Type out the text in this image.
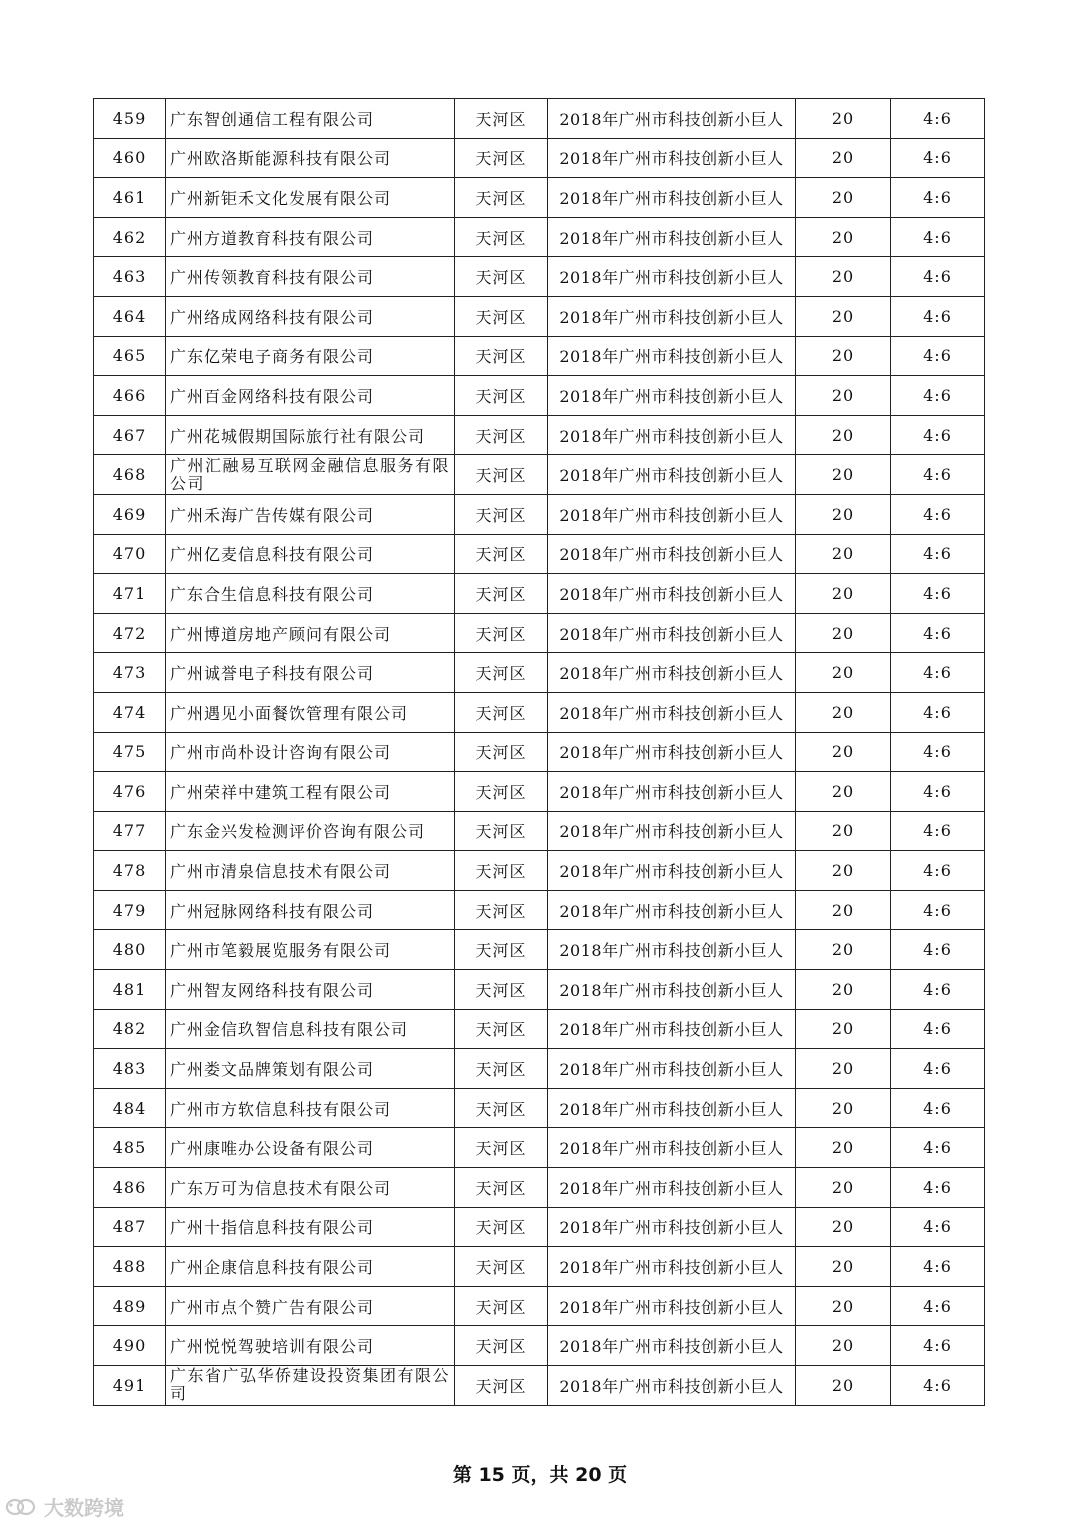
459	广东智创通信工程有限公司	天河区	2018年广州市科技创新小巨人	20	4:6
460	广州欧洛斯能源科技有限公司	天河区	2018年广州市科技创新小巨人	20	4:6
461	广州新钜禾文化发展有限公司	天河区	2018年广州市科技创新小巨人	20	4:6
462	广州方道教育科技有限公司	天河区	2018年广州市科技创新小巨人	20	4:6
463	广州传领教育科技有限公司	天河区	2018年广州市科技创新小巨人	20	4:6
464	广州络成网络科技有限公司	天河区	2018年广州市科技创新小巨人	20	4:6
465	广东亿荣电子商务有限公司	天河区	2018年广州市科技创新小巨人	20	4:6
466	广州百金网络科技有限公司	天河区	2018年广州市科技创新小巨人	20	4:6
467	广州花城假期国际旅行社有限公司	天河区	2018年广州市科技创新小巨人	20	4:6
468	广州汇融易互联网金融信息服务有限公司	天河区	2018年广州市科技创新小巨人	20	4:6
469	广州禾海广告传媒有限公司	天河区	2018年广州市科技创新小巨人	20	4:6
470	广州亿麦信息科技有限公司	天河区	2018年广州市科技创新小巨人	20	4:6
471	广东合生信息科技有限公司	天河区	2018年广州市科技创新小巨人	20	4:6
472	广州博道房地产顾问有限公司	天河区	2018年广州市科技创新小巨人	20	4:6
473	广州诚誉电子科技有限公司	天河区	2018年广州市科技创新小巨人	20	4:6
474	广州遇见小面餐饮管理有限公司	天河区	2018年广州市科技创新小巨人	20	4:6
475	广州市尚朴设计咨询有限公司	天河区	2018年广州市科技创新小巨人	20	4:6
476	广州荣祥中建筑工程有限公司	天河区	2018年广州市科技创新小巨人	20	4:6
477	广东金兴发检测评价咨询有限公司	天河区	2018年广州市科技创新小巨人	20	4:6
478	广州市清泉信息技术有限公司	天河区	2018年广州市科技创新小巨人	20	4:6
479	广州冠脉网络科技有限公司	天河区	2018年广州市科技创新小巨人	20	4:6
480	广州市笔毅展览服务有限公司	天河区	2018年广州市科技创新小巨人	20	4:6
481	广州智友网络科技有限公司	天河区	2018年广州市科技创新小巨人	20	4:6
482	广州金信玖智信息科技有限公司	天河区	2018年广州市科技创新小巨人	20	4:6
483	广州娄文品牌策划有限公司	天河区	2018年广州市科技创新小巨人	20	4:6
484	广州市方软信息科技有限公司	天河区	2018年广州市科技创新小巨人	20	4:6
485	广州康唯办公设备有限公司	天河区	2018年广州市科技创新小巨人	20	4:6
486	广东万可为信息技术有限公司	天河区	2018年广州市科技创新小巨人	20	4:6
487	广州十指信息科技有限公司	天河区	2018年广州市科技创新小巨人	20	4:6
488	广州企康信息科技有限公司	天河区	2018年广州市科技创新小巨人	20	4:6
489	广州市点个赞广告有限公司	天河区	2018年广州市科技创新小巨人	20	4:6
490	广州悦悦驾驶培训有限公司	天河区	2018年广州市科技创新小巨人	20	4:6
491	广东省广弘华侨建设投资集团有限公司	天河区	2018年广州市科技创新小巨人	20	4:6
第 15 页，共 20 页
大数跨境
